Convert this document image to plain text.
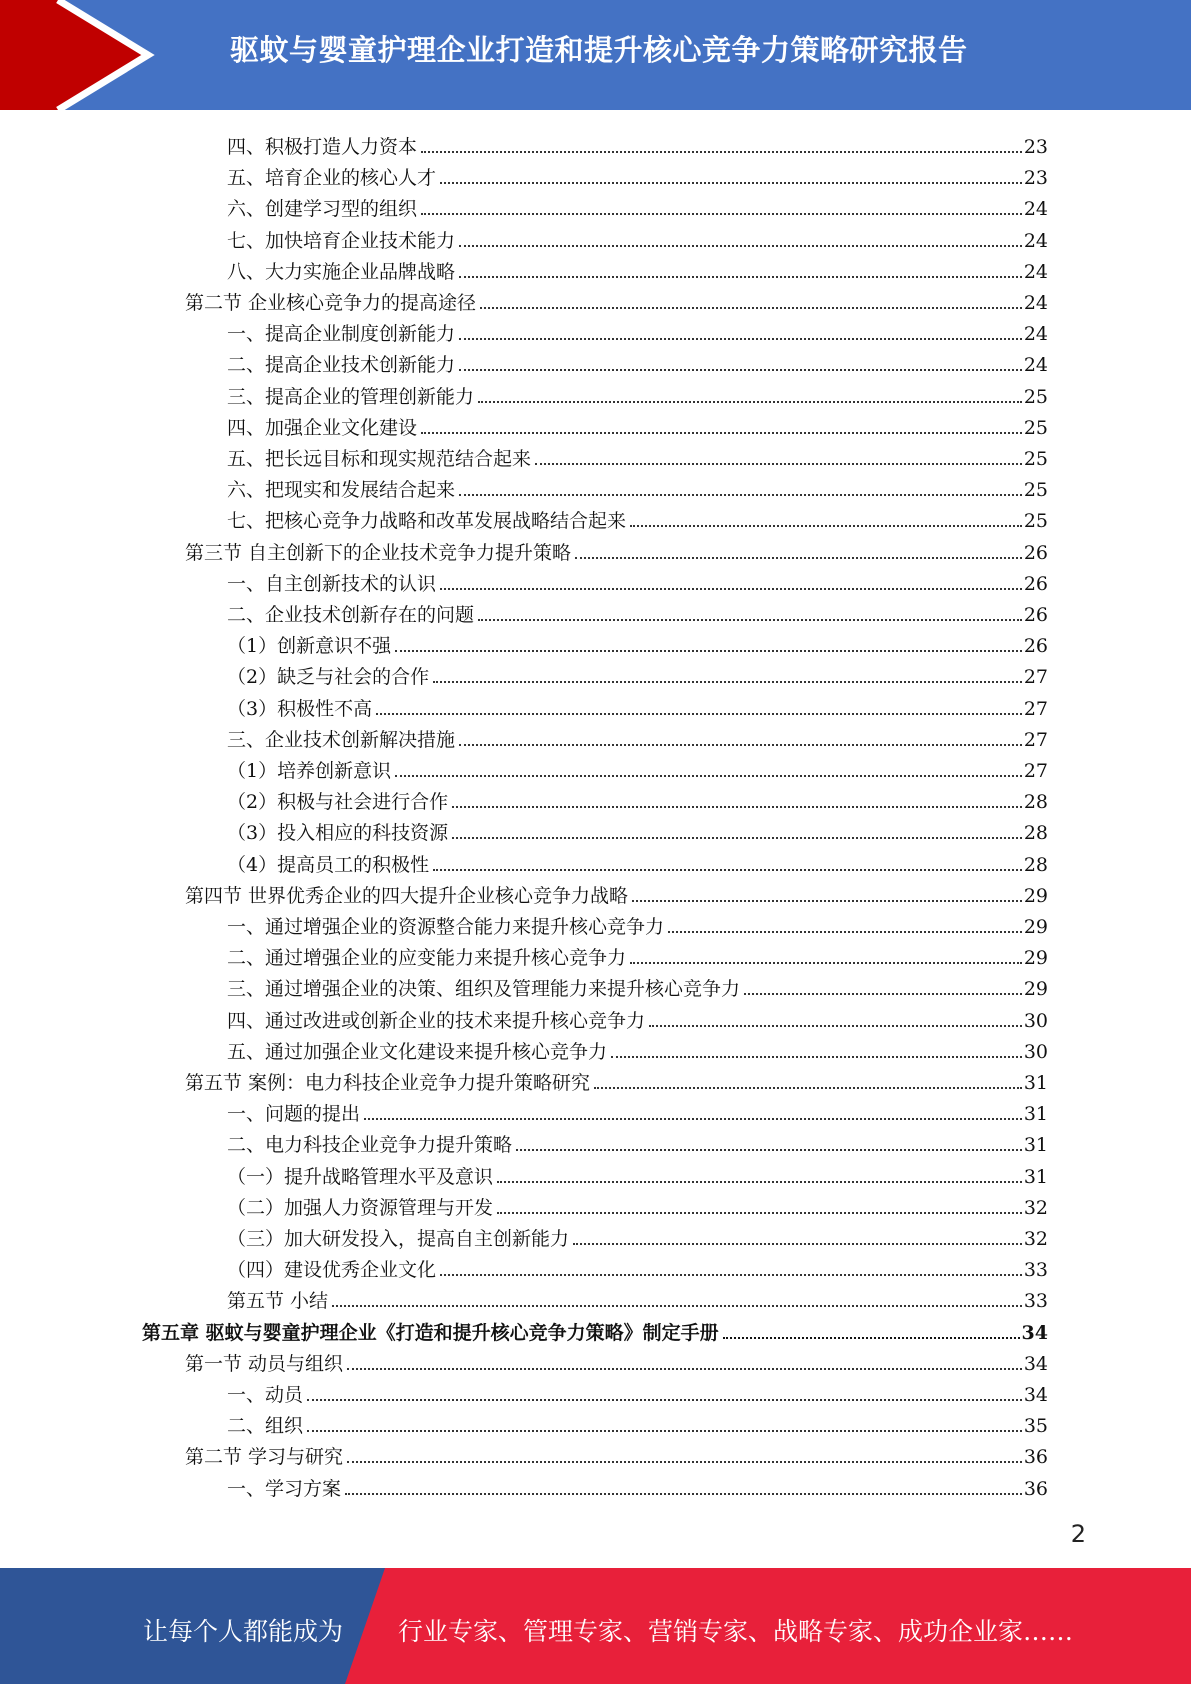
驱蚊与婴童护理企业打造和提升核心竞争力策略研究报告
四、积极打造人力资本	23
五、培育企业的核心人才	23
六、创建学习型的组织	24
七、加快培育企业技术能力	24
八、大力实施企业品牌战略	24
第二节 企业核心竞争力的提高途径	24
一、提高企业制度创新能力	24
二、提高企业技术创新能力	24
三、提高企业的管理创新能力	25
四、加强企业文化建设	25
五、把长远目标和现实规范结合起来	25
六、把现实和发展结合起来	25
七、把核心竞争力战略和改革发展战略结合起来	25
第三节 自主创新下的企业技术竞争力提升策略	26
一、自主创新技术的认识	26
二、企业技术创新存在的问题	26
（1）创新意识不强	26
（2）缺乏与社会的合作	27
（3）积极性不高	27
三、企业技术创新解决措施	27
（1）培养创新意识	27
（2）积极与社会进行合作	28
（3）投入相应的科技资源	28
（4）提高员工的积极性	28
第四节 世界优秀企业的四大提升企业核心竞争力战略	29
一、通过增强企业的资源整合能力来提升核心竞争力	29
二、通过增强企业的应变能力来提升核心竞争力	29
三、通过增强企业的决策、组织及管理能力来提升核心竞争力	29
四、通过改进或创新企业的技术来提升核心竞争力	30
五、通过加强企业文化建设来提升核心竞争力	30
第五节 案例：电力科技企业竞争力提升策略研究	31
一、问题的提出	31
二、电力科技企业竞争力提升策略	31
（一）提升战略管理水平及意识	31
（二）加强人力资源管理与开发	32
（三）加大研发投入，提高自主创新能力	32
（四）建设优秀企业文化	33
第五节 小结	33
第五章 驱蚊与婴童护理企业《打造和提升核心竞争力策略》制定手册	34
第一节 动员与组织	34
一、动员	34
二、组织	35
第二节 学习与研究	36
一、学习方案	36
2
让每个人都能成为 行业专家、管理专家、营销专家、战略专家、成功企业家……
